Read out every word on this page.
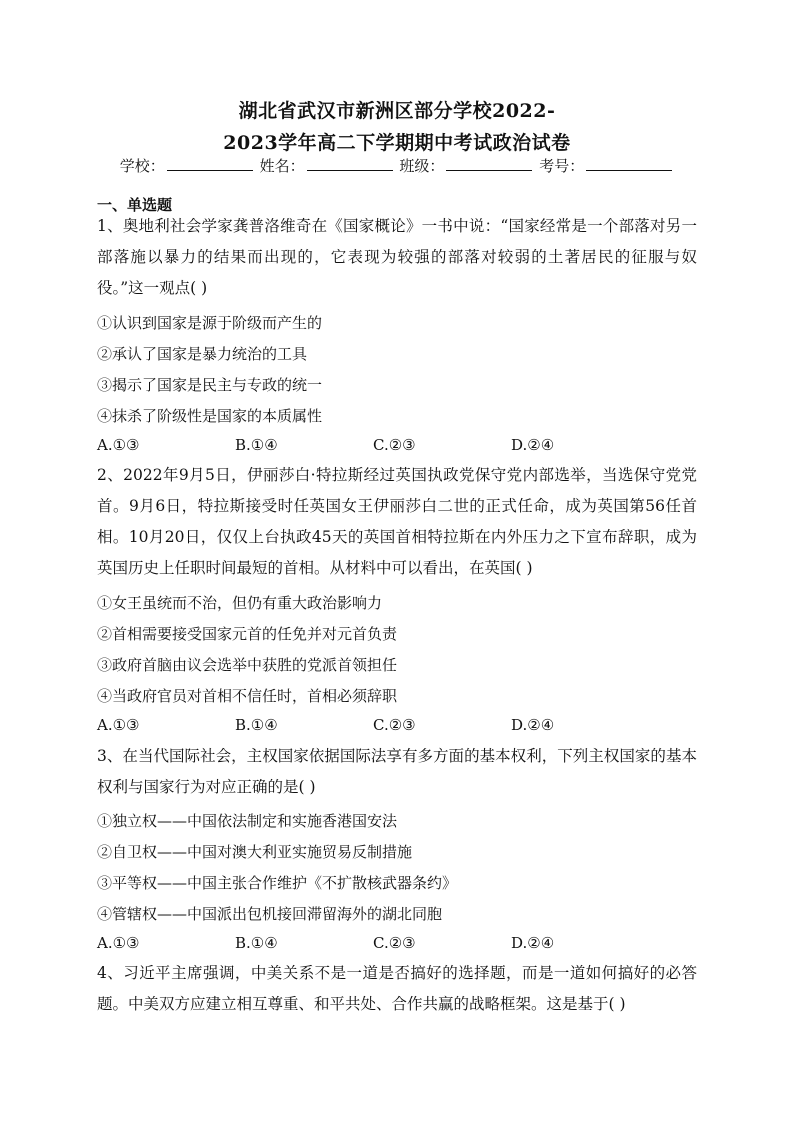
湖北省武汉市新洲区部分学校2022-
2023学年高二下学期期中考试政治试卷
学校：	姓名：	班级：	考号：
一、单选题
1、奥地利社会学家龚普洛维奇在《国家概论》一书中说：“国家经常是一个部落对另一部落施以暴力的结果而出现的，它表现为较强的部落对较弱的土著居民的征服与奴役。”这一观点( )
①认识到国家是源于阶级而产生的
②承认了国家是暴力统治的工具
③揭示了国家是民主与专政的统一
④抹杀了阶级性是国家的本质属性
A.①③	B.①④	C.②③	D.②④
2、2022年9月5日，伊丽莎白·特拉斯经过英国执政党保守党内部选举，当选保守党党首。9月6日，特拉斯接受时任英国女王伊丽莎白二世的正式任命，成为英国第56任首相。10月20日，仅仅上台执政45天的英国首相特拉斯在内外压力之下宣布辞职，成为英国历史上任职时间最短的首相。从材料中可以看出，在英国( )
①女王虽统而不治，但仍有重大政治影响力
②首相需要接受国家元首的任免并对元首负责
③政府首脑由议会选举中获胜的党派首领担任
④当政府官员对首相不信任时，首相必须辞职
A.①③	B.①④	C.②③	D.②④
3、在当代国际社会，主权国家依据国际法享有多方面的基本权利，下列主权国家的基本权利与国家行为对应正确的是( )
①独立权——中国依法制定和实施香港国安法
②自卫权——中国对澳大利亚实施贸易反制措施
③平等权——中国主张合作维护《不扩散核武器条约》
④管辖权——中国派出包机接回滞留海外的湖北同胞
A.①③	B.①④	C.②③	D.②④
4、习近平主席强调，中美关系不是一道是否搞好的选择题，而是一道如何搞好的必答题。中美双方应建立相互尊重、和平共处、合作共赢的战略框架。这是基于( )
